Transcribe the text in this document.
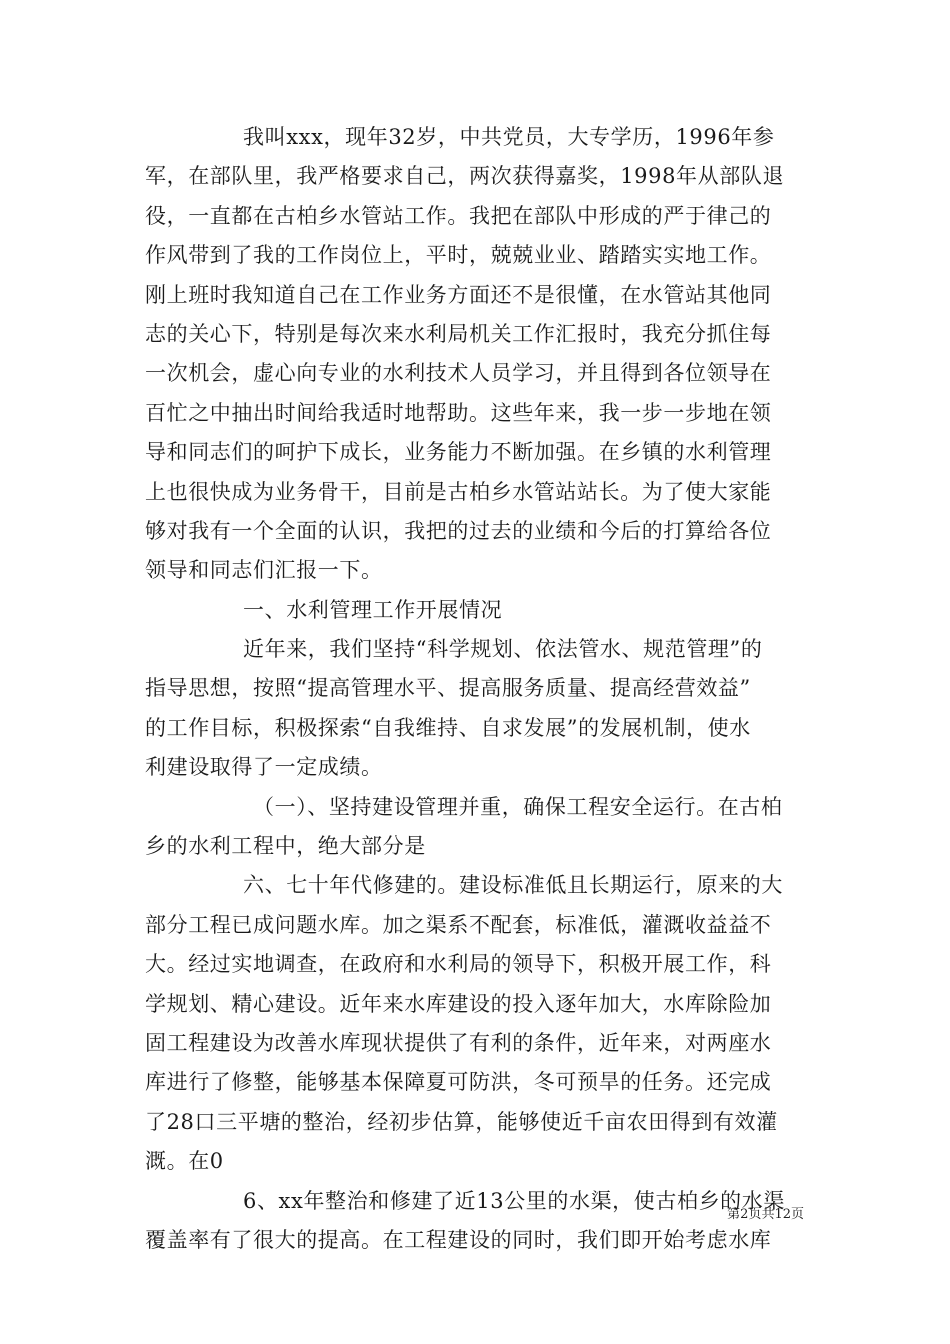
我叫xxx，现年32岁，中共党员，大专学历，1996年参
军，在部队里，我严格要求自己，两次获得嘉奖，1998年从部队退
役，一直都在古柏乡水管站工作。我把在部队中形成的严于律己的
作风带到了我的工作岗位上，平时，兢兢业业、踏踏实实地工作。
刚上班时我知道自己在工作业务方面还不是很懂，在水管站其他同
志的关心下，特别是每次来水利局机关工作汇报时，我充分抓住每
一次机会，虚心向专业的水利技术人员学习，并且得到各位领导在
百忙之中抽出时间给我适时地帮助。这些年来，我一步一步地在领
导和同志们的呵护下成长，业务能力不断加强。在乡镇的水利管理
上也很快成为业务骨干，目前是古柏乡水管站站长。为了使大家能
够对我有一个全面的认识，我把的过去的业绩和今后的打算给各位
领导和同志们汇报一下。
一、水利管理工作开展情况
近年来，我们坚持“科学规划、依法管水、规范管理”的
指导思想，按照“提高管理水平、提高服务质量、提高经营效益”
的工作目标，积极探索“自我维持、自求发展”的发展机制，使水
利建设取得了一定成绩。
（一）、坚持建设管理并重，确保工程安全运行。在古柏
乡的水利工程中，绝大部分是
六、七十年代修建的。建设标准低且长期运行，原来的大
部分工程已成问题水库。加之渠系不配套，标准低，灌溉收益益不
大。经过实地调查，在政府和水利局的领导下，积极开展工作，科
学规划、精心建设。近年来水库建设的投入逐年加大，水库除险加
固工程建设为改善水库现状提供了有利的条件，近年来，对两座水
库进行了修整，能够基本保障夏可防洪，冬可预旱的任务。还完成
了28口三平塘的整治，经初步估算，能够使近千亩农田得到有效灌
溉。在0
6、xx年整治和修建了近13公里的水渠，使古柏乡的水渠
覆盖率有了很大的提高。在工程建设的同时，我们即开始考虑水库
第2页共12页
